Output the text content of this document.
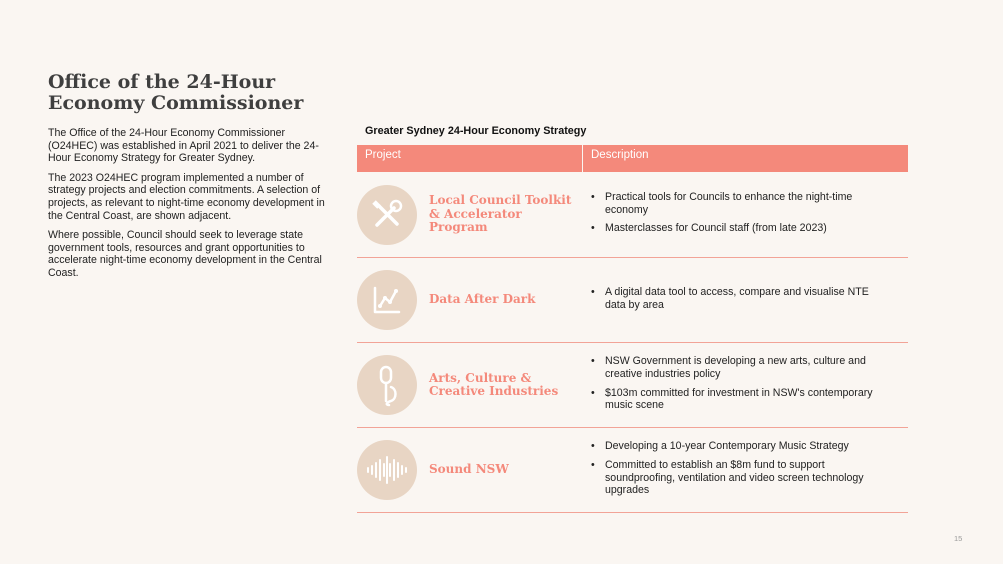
Office of the 24-Hour Economy Commissioner

The Office of the 24-Hour Economy Commissioner (O24HEC) was established in April 2021 to deliver the 24-Hour Economy Strategy for Greater Sydney.

The 2023 O24HEC program implemented a number of strategy projects and election commitments. A selection of projects, as relevant to night-time economy development in the Central Coast, are shown adjacent.

Where possible, Council should seek to leverage state government tools, resources and grant opportunities to accelerate night-time economy development in the Central Coast.

Greater Sydney 24-Hour Economy Strategy
Project	Description
Local Council Toolkit & Accelerator Program
• Practical tools for Councils to enhance the night-time economy
• Masterclasses for Council staff (from late 2023)
Data After Dark
• A digital data tool to access, compare and visualise NTE data by area
Arts, Culture & Creative Industries
• NSW Government is developing a new arts, culture and creative industries policy
• $103m committed for investment in NSW's contemporary music scene
Sound NSW
• Developing a 10-year Contemporary Music Strategy
• Committed to establish an $8m fund to support soundproofing, ventilation and video screen technology upgrades
15
